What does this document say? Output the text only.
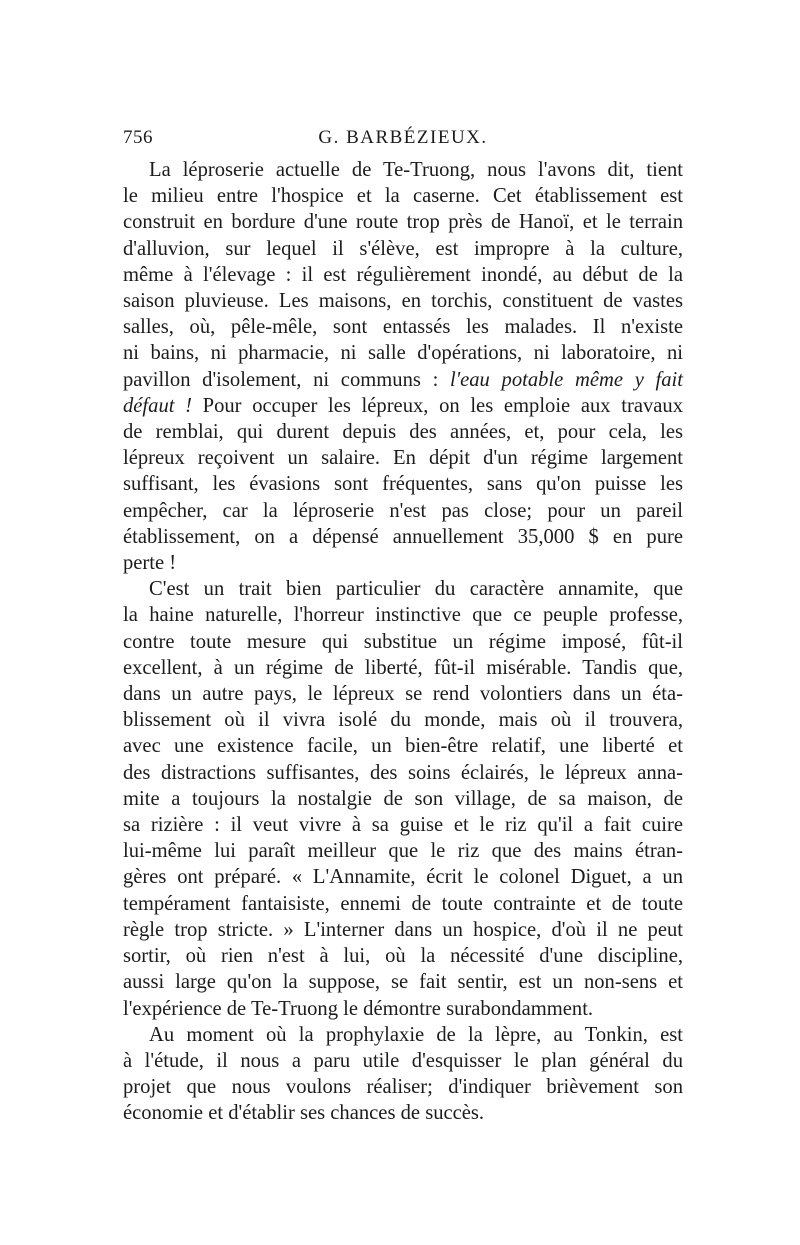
756	G. BARBÉZIEUX.
La léproserie actuelle de Te-Truong, nous l'avons dit, tient
le milieu entre l'hospice et la caserne. Cet établissement est
construit en bordure d'une route trop près de Hanoï, et le terrain
d'alluvion, sur lequel il s'élève, est impropre à la culture,
même à l'élevage : il est régulièrement inondé, au début de la
saison pluvieuse. Les maisons, en torchis, constituent de vastes
salles, où, pêle-mêle, sont entassés les malades. Il n'existe
ni bains, ni pharmacie, ni salle d'opérations, ni laboratoire, ni
pavillon d'isolement, ni communs : l'eau potable même y fait
défaut ! Pour occuper les lépreux, on les emploie aux travaux
de remblai, qui durent depuis des années, et, pour cela, les
lépreux reçoivent un salaire. En dépit d'un régime largement
suffisant, les évasions sont fréquentes, sans qu'on puisse les
empêcher, car la léproserie n'est pas close; pour un pareil
établissement, on a dépensé annuellement 35,000 $ en pure
perte !
C'est un trait bien particulier du caractère annamite, que
la haine naturelle, l'horreur instinctive que ce peuple professe,
contre toute mesure qui substitue un régime imposé, fût-il
excellent, à un régime de liberté, fût-il misérable. Tandis que,
dans un autre pays, le lépreux se rend volontiers dans un éta-
blissement où il vivra isolé du monde, mais où il trouvera,
avec une existence facile, un bien-être relatif, une liberté et
des distractions suffisantes, des soins éclairés, le lépreux anna-
mite a toujours la nostalgie de son village, de sa maison, de
sa rizière : il veut vivre à sa guise et le riz qu'il a fait cuire
lui-même lui paraît meilleur que le riz que des mains étran-
gères ont préparé. « L'Annamite, écrit le colonel Diguet, a un
tempérament fantaisiste, ennemi de toute contrainte et de toute
règle trop stricte. » L'interner dans un hospice, d'où il ne peut
sortir, où rien n'est à lui, où la nécessité d'une discipline,
aussi large qu'on la suppose, se fait sentir, est un non-sens et
l'expérience de Te-Truong le démontre surabondamment.
Au moment où la prophylaxie de la lèpre, au Tonkin, est
à l'étude, il nous a paru utile d'esquisser le plan général du
projet que nous voulons réaliser; d'indiquer brièvement son
économie et d'établir ses chances de succès.
